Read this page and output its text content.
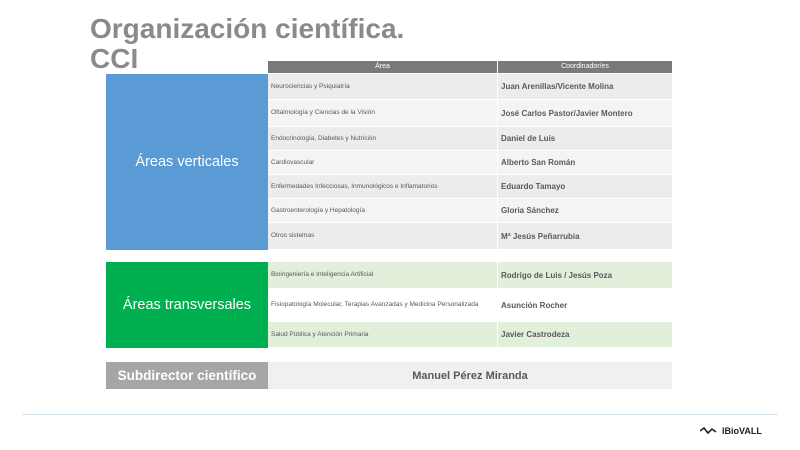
Organización científica.
CCI	Área	Coordinador/es
Áreas verticales
Neurociencias y Psiquiatría	Juan Arenillas/Vicente Molina
Oftalmología y Ciencias de la Visión	José Carlos Pastor/Javier Montero
Endocrinología, Diabetes y Nutrición	Daniel de Luis
Cardiovascular	Alberto San Román
Enfermedades Infecciosas, Inmunológicos e Inflamatorios	Eduardo Tamayo
Gastroenterología y Hepatología	Gloria Sánchez
Otros sistemas	Mª Jesús Peñarrubia
Áreas transversales
Bioingeniería e Inteligencia Artificial	Rodrigo de Luis / Jesús Poza
Fisiopatología Molecular, Terapias Avanzadas y Medicina Personalizada	Asunción Rocher
Salud Pública y Atención Primaria	Javier Castrodeza
Subdirector científico	Manuel Pérez Miranda
IBioVALL
